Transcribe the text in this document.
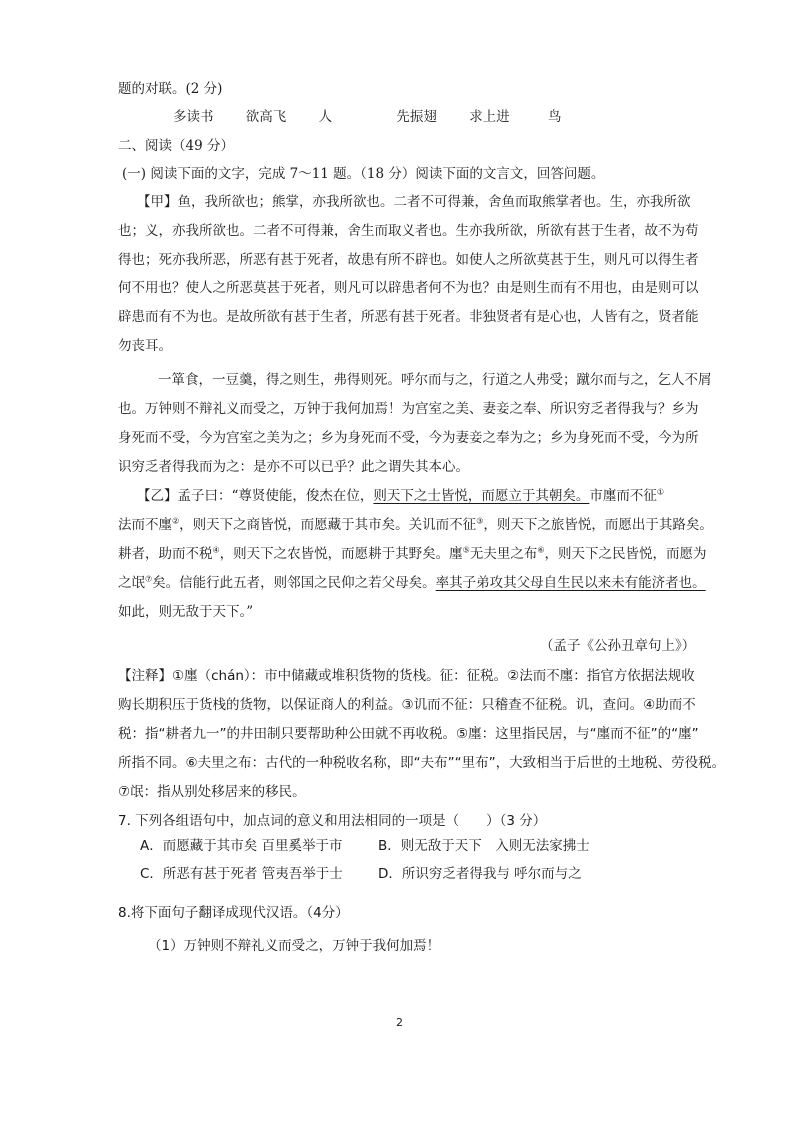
题的对联。(2 分)
多读书 欲高飞 人	先振翅 求上进	鸟
二、阅读（49 分）
(一) 阅读下面的文字，完成 7～11 题。（18 分）阅读下面的文言文，回答问题。
【甲】鱼，我所欲也；熊掌，亦我所欲也。二者不可得兼，舍鱼而取熊掌者也。生，亦我所欲
也；义，亦我所欲也。二者不可得兼，舍生而取义者也。生亦我所欲，所欲有甚于生者，故不为苟
得也；死亦我所恶，所恶有甚于死者，故患有所不辟也。如使人之所欲莫甚于生，则凡可以得生者
何不用也？使人之所恶莫甚于死者，则凡可以辟患者何不为也？由是则生而有不用也，由是则可以
辟患而有不为也。是故所欲有甚于生者，所恶有甚于死者。非独贤者有是心也，人皆有之，贤者能
勿丧耳。
一箪食，一豆羹，得之则生，弗得则死。呼尔而与之，行道之人弗受；蹴尔而与之，乞人不屑
也。万钟则不辩礼义而受之，万钟于我何加焉！为宫室之美、妻妾之奉、所识穷乏者得我与？乡为
身死而不受，今为宫室之美为之；乡为身死而不受，今为妻妾之奉为之；乡为身死而不受，今为所
识穷乏者得我而为之：是亦不可以已乎？此之谓失其本心。
【乙】孟子曰：“尊贤使能，俊杰在位，则天下之士皆悦，而愿立于其朝矣。市廛而不征①
法而不廛②，则天下之商皆悦，而愿藏于其市矣。关讥而不征③，则天下之旅皆悦，而愿出于其路矣。
耕者，助而不税④，则天下之农皆悦，而愿耕于其野矣。廛⑤无夫里之布⑥，则天下之民皆悦，而愿为
之氓⑦矣。信能行此五者，则邻国之民仰之若父母矣。率其子弟攻其父母自生民以来未有能济者也。
如此，则无敌于天下。”
（孟子《公孙丑章句上》）
【注释】①廛（chán）：市中储藏或堆积货物的货栈。征：征税。②法而不廛：指官方依据法规收
购长期积压于货栈的货物，以保证商人的利益。③讥而不征：只稽查不征税。讥，查问。④助而不
税：指“耕者九一”的井田制只要帮助种公田就不再收税。⑤廛：这里指民居，与“廛而不征”的“廛”
所指不同。⑥夫里之布：古代的一种税收名称，即“夫布”“里布”，大致相当于后世的土地税、劳役税。
⑦氓：指从别处移居来的移民。
7. 下列各组语句中，加点词的意义和用法相同的一项是（　　）（3 分）
A．而愿藏于其市矣 百里奚举于市	B．则无敌于天下　入则无法家拂士
C．所恶有甚于死者 管夷吾举于士	D．所识穷乏者得我与 呼尔而与之
8.将下面句子翻译成现代汉语。（4分）
（1）万钟则不辩礼义而受之，万钟于我何加焉！
2
